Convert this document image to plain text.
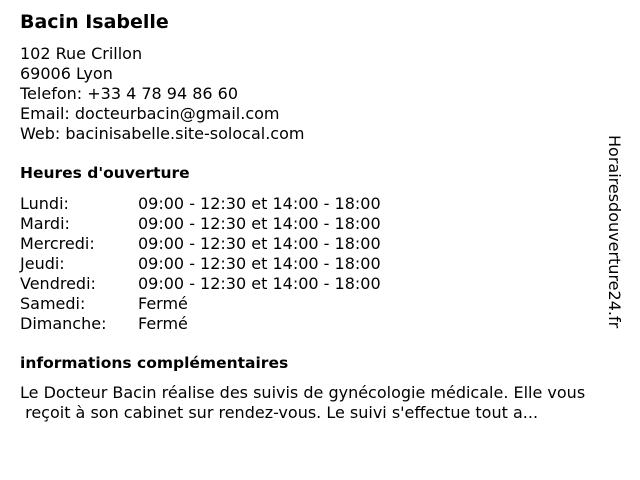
Bacin Isabelle
102 Rue Crillon
69006 Lyon
Telefon: +33 4 78 94 86 60
Email: docteurbacin@gmail.com
Web: bacinisabelle.site-solocal.com
Heures d'ouverture
Lundi:	09:00 - 12:30 et 14:00 - 18:00
Mardi:	09:00 - 12:30 et 14:00 - 18:00
Mercredi:	09:00 - 12:30 et 14:00 - 18:00
Jeudi:	09:00 - 12:30 et 14:00 - 18:00
Vendredi:	09:00 - 12:30 et 14:00 - 18:00
Samedi:	Fermé
Dimanche: Fermé
informations complémentaires
Le Docteur Bacin réalise des suivis de gynécologie médicale. Elle vous
reçoit à son cabinet sur rendez-vous. Le suivi s'effectue tout a...
Horairesdouverture24.fr
